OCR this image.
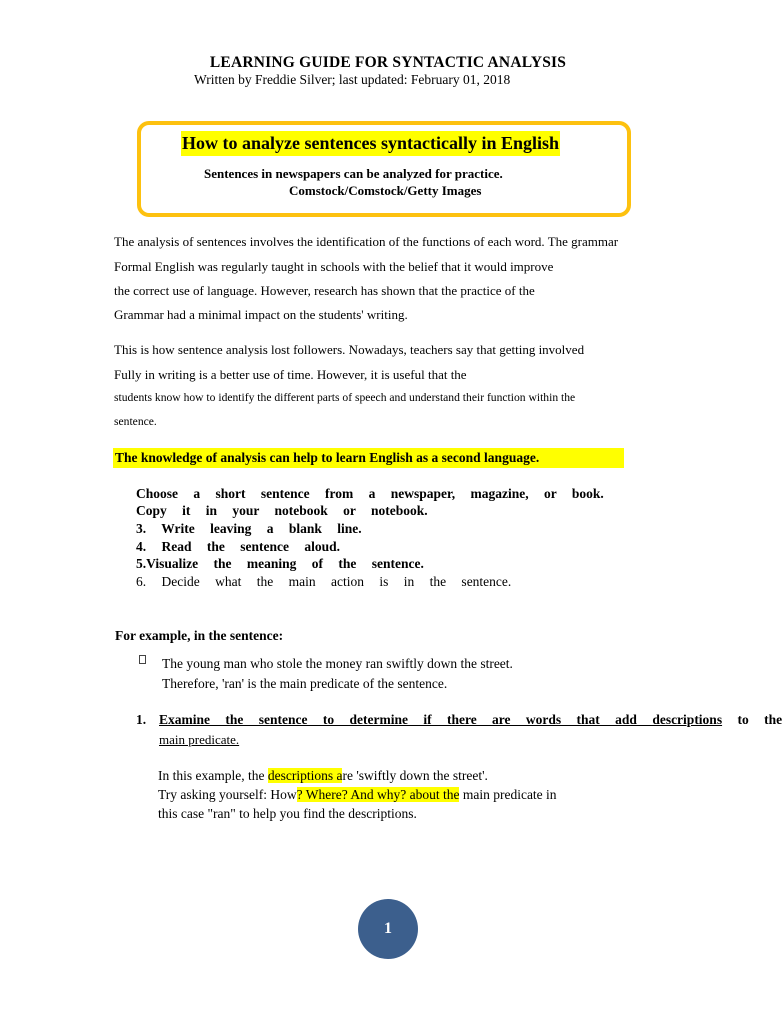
LEARNING GUIDE FOR SYNTACTIC ANALYSIS
Written by Freddie Silver; last updated: February 01, 2018
How to analyze sentences syntactically in English
Sentences in newspapers can be analyzed for practice.
Comstock/Comstock/Getty Images
The analysis of sentences involves the identification of the functions of each word. The grammar
Formal English was regularly taught in schools with the belief that it would improve
the correct use of language. However, research has shown that the practice of the
Grammar had a minimal impact on the students' writing.
This is how sentence analysis lost followers. Nowadays, teachers say that getting involved
Fully in writing is a better use of time. However, it is useful that the
students know how to identify the different parts of speech and understand their function within the
sentence.
The knowledge of analysis can help to learn English as a second language.
Choose a short sentence from a newspaper, magazine, or book.
Copy it in your notebook or notebook.
3. Write leaving a blank line.
4. Read the sentence aloud.
5.Visualize the meaning of the sentence.
6. Decide what the main action is in the sentence.
For example, in the sentence:
The young man who stole the money ran swiftly down the street.
Therefore, 'ran' is the main predicate of the sentence.
1. Examine the sentence to determine if there are words that add descriptions to the
main predicate.
In this example, the descriptions are 'swiftly down the street'.
Try asking yourself: How? Where? And why? about the main predicate in
this case "ran" to help you find the descriptions.
1
